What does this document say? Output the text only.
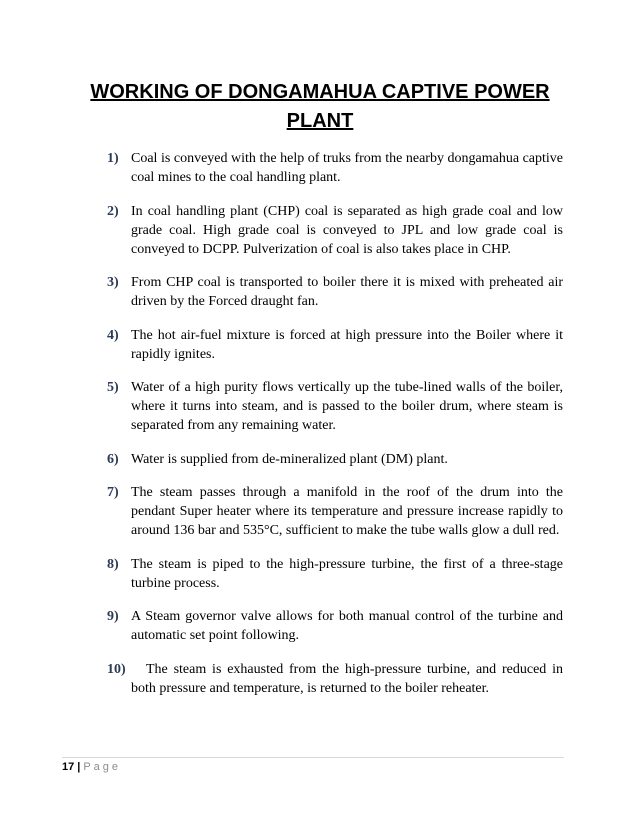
WORKING OF DONGAMAHUA CAPTIVE POWER
PLANT
1) Coal is conveyed with the help of truks from the nearby dongamahua captive coal mines to the coal handling plant.
2) In coal handling plant (CHP) coal is separated as high grade coal and low grade coal. High grade coal is conveyed to JPL and low grade coal is conveyed to DCPP. Pulverization of coal is also takes place in CHP.
3) From CHP coal is transported to boiler there it is mixed with preheated air driven by the Forced draught fan.
4) The hot air-fuel mixture is forced at high pressure into the Boiler where it rapidly ignites.
5) Water of a high purity flows vertically up the tube-lined walls of the boiler, where it turns into steam, and is passed to the boiler drum, where steam is separated from any remaining water.
6) Water is supplied from de-mineralized plant (DM) plant.
7) The steam passes through a manifold in the roof of the drum into the pendant Super heater where its temperature and pressure increase rapidly to around 136 bar and 535°C, sufficient to make the tube walls glow a dull red.
8) The steam is piped to the high-pressure turbine, the first of a three-stage turbine process.
9) A Steam governor valve allows for both manual control of the turbine and automatic set point following.
10) The steam is exhausted from the high-pressure turbine, and reduced in both pressure and temperature, is returned to the boiler reheater.
17 | Page
